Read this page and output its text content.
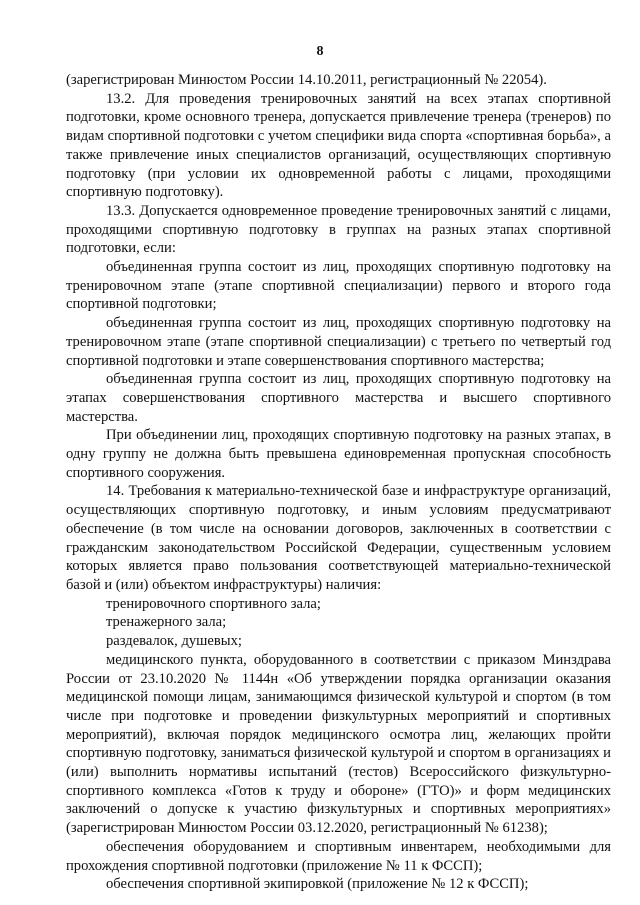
8

(зарегистрирован Минюстом России 14.10.2011, регистрационный № 22054).

13.2. Для проведения тренировочных занятий на всех этапах спортивной подготовки, кроме основного тренера, допускается привлечение тренера (тренеров) по видам спортивной подготовки с учетом специфики вида спорта «спортивная борьба», а также привлечение иных специалистов организаций, осуществляющих спортивную подготовку (при условии их одновременной работы с лицами, проходящими спортивную подготовку).

13.3. Допускается одновременное проведение тренировочных занятий с лицами, проходящими спортивную подготовку в группах на разных этапах спортивной подготовки, если:

объединенная группа состоит из лиц, проходящих спортивную подготовку на тренировочном этапе (этапе спортивной специализации) первого и второго года спортивной подготовки;

объединенная группа состоит из лиц, проходящих спортивную подготовку на тренировочном этапе (этапе спортивной специализации) с третьего по четвертый год спортивной подготовки и этапе совершенствования спортивного мастерства;

объединенная группа состоит из лиц, проходящих спортивную подготовку на этапах совершенствования спортивного мастерства и высшего спортивного мастерства.

При объединении лиц, проходящих спортивную подготовку на разных этапах, в одну группу не должна быть превышена единовременная пропускная способность спортивного сооружения.

14. Требования к материально-технической базе и инфраструктуре организаций, осуществляющих спортивную подготовку, и иным условиям предусматривают обеспечение (в том числе на основании договоров, заключенных в соответствии с гражданским законодательством Российской Федерации, существенным условием которых является право пользования соответствующей материально-технической базой и (или) объектом инфраструктуры) наличия:

тренировочного спортивного зала;

тренажерного зала;

раздевалок, душевых;

медицинского пункта, оборудованного в соответствии с приказом Минздрава России от 23.10.2020 № 1144н «Об утверждении порядка организации оказания медицинской помощи лицам, занимающимся физической культурой и спортом (в том числе при подготовке и проведении физкультурных мероприятий и спортивных мероприятий), включая порядок медицинского осмотра лиц, желающих пройти спортивную подготовку, заниматься физической культурой и спортом в организациях и (или) выполнить нормативы испытаний (тестов) Всероссийского физкультурно-спортивного комплекса «Готов к труду и обороне» (ГТО)» и форм медицинских заключений о допуске к участию физкультурных и спортивных мероприятиях» (зарегистрирован Минюстом России 03.12.2020, регистрационный № 61238);

обеспечения оборудованием и спортивным инвентарем, необходимыми для прохождения спортивной подготовки (приложение № 11 к ФССП);

обеспечения спортивной экипировкой (приложение № 12 к ФССП);
